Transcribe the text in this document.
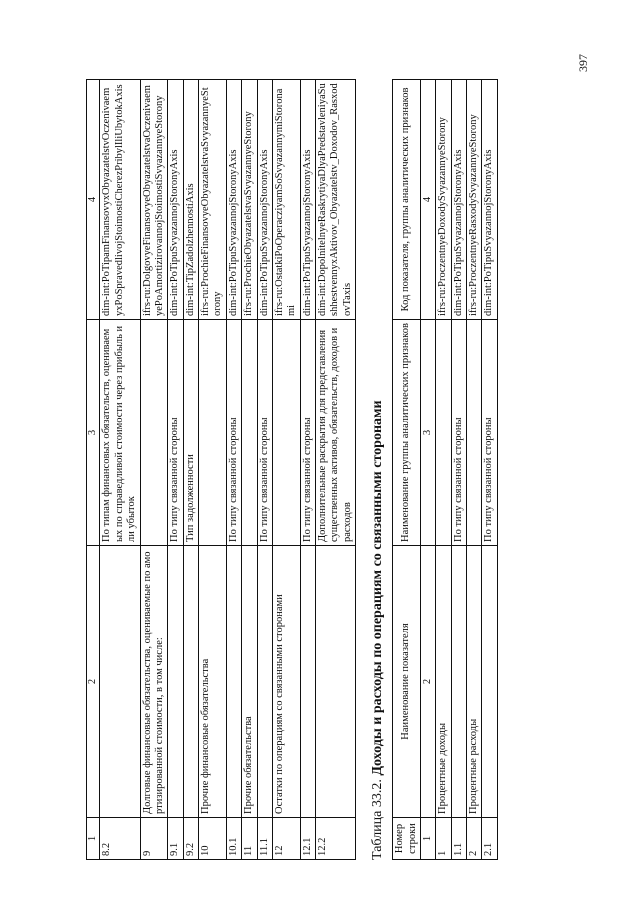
397
1	2	3	4
8.2		По типам финансовых обязательств, оцениваемых по справедливой стоимости через прибыль или убыток	dim-int:PoTipamFinansovyxObyazatelstvOczenivaemyxPoSpravedlivojStoimostiCherezPribylIliUbytokAxis
9	Долговые финансовые обязательства, оцениваемые по амортизированной стоимости, в том числе:		ifrs-ru:DolgovyeFinansovyeObyazatelstvaOczenivaemyePoAmortizirovannojStoimostiSvyazannyeStorony
9.1		По типу связанной стороны	dim-int:PoTipuSvyazannojStoronyAxis
9.2		Тип задолженности	dim-int:TipZadolzhennostiAxis
10	Прочие финансовые обязательства		ifrs-ru:ProchieFinansovyeObyazatelstvaSvyazannyeStorony
10.1		По типу связанной стороны	dim-int:PoTipuSvyazannojStoronyAxis
11	Прочие обязательства		ifrs-ru:ProchieObyazatelstvaSvyazannyeStorony
11.1		По типу связанной стороны	dim-int:PoTipuSvyazannojStoronyAxis
12	Остатки по операциям со связанными сторонами		ifrs-ru:OstatkiPoOperacziyamSoSvyazannymiStoronami
12.1		По типу связанной стороны	dim-int:PoTipuSvyazannojStoronyAxis
12.2		Дополнительные раскрытия для представления существенных активов, обязательств, доходов и расходов	dim-int:DopolnitelnyeRaskrytiyaDlyaPredstavleniyaSushhestvennyxAktivov_Obyazatelstv_Doxodov_RasxodovTaxis
Таблица 33.2. Доходы и расходы по операциям со связанными сторонами
Номер строки	Наименование показателя	Наименование группы аналитических признаков	Код показателя, группы аналитических признаков
1	2	3	4
1	Процентные доходы		ifrs-ru:ProczentnyeDoxodySvyazannyeStorony
1.1		По типу связанной стороны	dim-int:PoTipuSvyazannojStoronyAxis
2	Процентные расходы		ifrs-ru:ProczentnyeRasxodySvyazannyeStorony
2.1		По типу связанной стороны	dim-int:PoTipuSvyazannojStoronyAxis
